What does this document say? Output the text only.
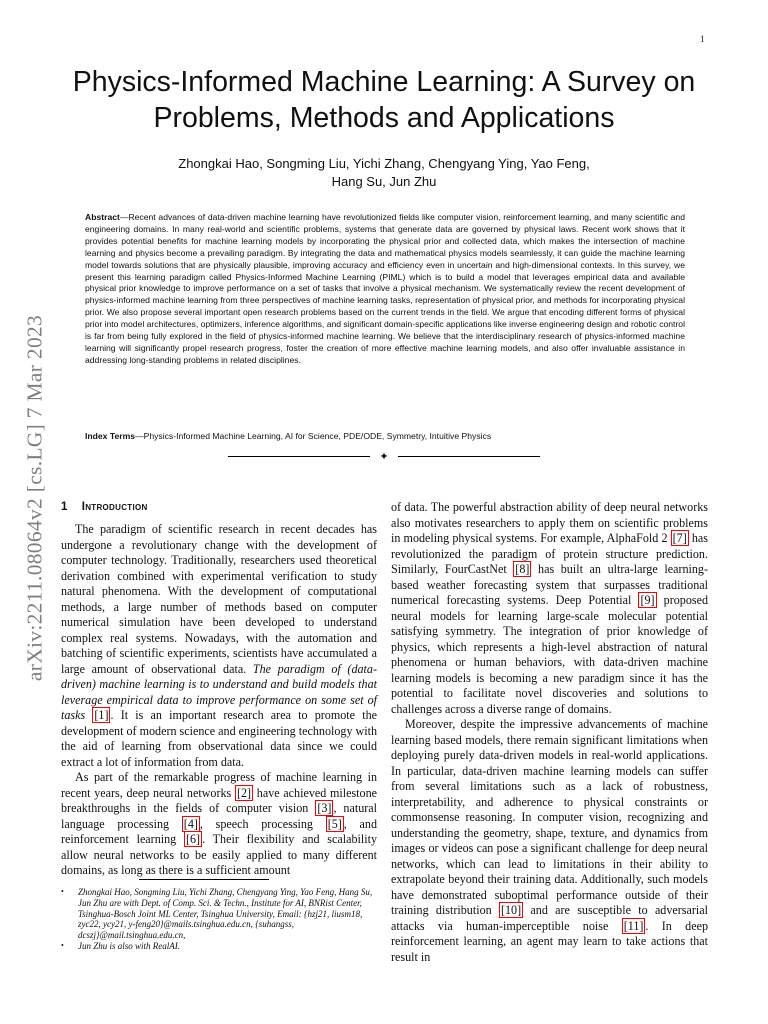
1
arXiv:2211.08064v2 [cs.LG] 7 Mar 2023
Physics-Informed Machine Learning: A Survey on Problems, Methods and Applications
Zhongkai Hao, Songming Liu, Yichi Zhang, Chengyang Ying, Yao Feng,
Hang Su, Jun Zhu

Abstract—Recent advances of data-driven machine learning have revolutionized fields like computer vision, reinforcement learning, and many scientific and engineering domains. In many real-world and scientific problems, systems that generate data are governed by physical laws. Recent work shows that it provides potential benefits for machine learning models by incorporating the physical prior and collected data, which makes the intersection of machine learning and physics become a prevailing paradigm. By integrating the data and mathematical physics models seamlessly, it can guide the machine learning model towards solutions that are physically plausible, improving accuracy and efficiency even in uncertain and high-dimensional contexts. In this survey, we present this learning paradigm called Physics-Informed Machine Learning (PIML) which is to build a model that leverages empirical data and available physical prior knowledge to improve performance on a set of tasks that involve a physical mechanism. We systematically review the recent development of physics-informed machine learning from three perspectives of machine learning tasks, representation of physical prior, and methods for incorporating physical prior. We also propose several important open research problems based on the current trends in the field. We argue that encoding different forms of physical prior into model architectures, optimizers, inference algorithms, and significant domain-specific applications like inverse engineering design and robotic control is far from being fully explored in the field of physics-informed machine learning. We believe that the interdisciplinary research of physics-informed machine learning will significantly propel research progress, foster the creation of more effective machine learning models, and also offer invaluable assistance in addressing long-standing problems in related disciplines.

Index Terms—Physics-Informed Machine Learning, AI for Science, PDE/ODE, Symmetry, Intuitive Physics

✦
1 Introduction

The paradigm of scientific research in recent decades has undergone a revolutionary change with the development of computer technology. Traditionally, researchers used theoretical derivation combined with experimental verification to study natural phenomena. With the development of computational methods, a large number of methods based on computer numerical simulation have been developed to understand complex real systems. Nowadays, with the automation and batching of scientific experiments, scientists have accumulated a large amount of observational data. The paradigm of (data-driven) machine learning is to understand and build models that leverage empirical data to improve performance on some set of tasks [1] . It is an important research area to promote the development of modern science and engineering technology with the aid of learning from observational data since we could extract a lot of information from data.

As part of the remarkable progress of machine learning in recent years, deep neural networks [2] have achieved milestone breakthroughs in the fields of computer vision [3] , natural language processing [4] , speech processing [5] , and reinforcement learning [6] . Their flexibility and scalability allow neural networks to be easily applied to many different domains, as long as there is a sufficient amount

of data. The powerful abstraction ability of deep neural networks also motivates researchers to apply them on scientific problems in modeling physical systems. For example, AlphaFold 2 [7] has revolutionized the paradigm of protein structure prediction. Similarly, FourCastNet [8] has built an ultra-large learning-based weather forecasting system that surpasses traditional numerical forecasting systems. Deep Potential [9] proposed neural models for learning large-scale molecular potential satisfying symmetry. The integration of prior knowledge of physics, which represents a high-level abstraction of natural phenomena or human behaviors, with data-driven machine learning models is becoming a new paradigm since it has the potential to facilitate novel discoveries and solutions to challenges across a diverse range of domains.

Moreover, despite the impressive advancements of machine learning based models, there remain significant limitations when deploying purely data-driven models in real-world applications. In particular, data-driven machine learning models can suffer from several limitations such as a lack of robustness, interpretability, and adherence to physical constraints or commonsense reasoning. In computer vision, recognizing and understanding the geometry, shape, texture, and dynamics from images or videos can pose a significant challenge for deep neural networks, which can lead to limitations in their ability to extrapolate beyond their training data. Additionally, such models have demonstrated suboptimal performance outside of their training distribution [10] and are susceptible to adversarial attacks via human-imperceptible noise [11] . In deep reinforcement learning, an agent may learn to take actions that result in

• Zhongkai Hao, Songming Liu, Yichi Zhang, Chengyang Ying, Yao Feng, Hang Su, Jun Zhu are with Dept. of Comp. Sci. & Techn., Institute for AI, BNRist Center, Tsinghua-Bosch Joint ML Center, Tsinghua University, Email: {hzj21, liusm18, zyc22, ycy21, y-feng20}@mails.tsinghua.edu.cn, {suhangss, dcszj}@mail.tsinghua.edu.cn,
• Jun Zhu is also with RealAI.
